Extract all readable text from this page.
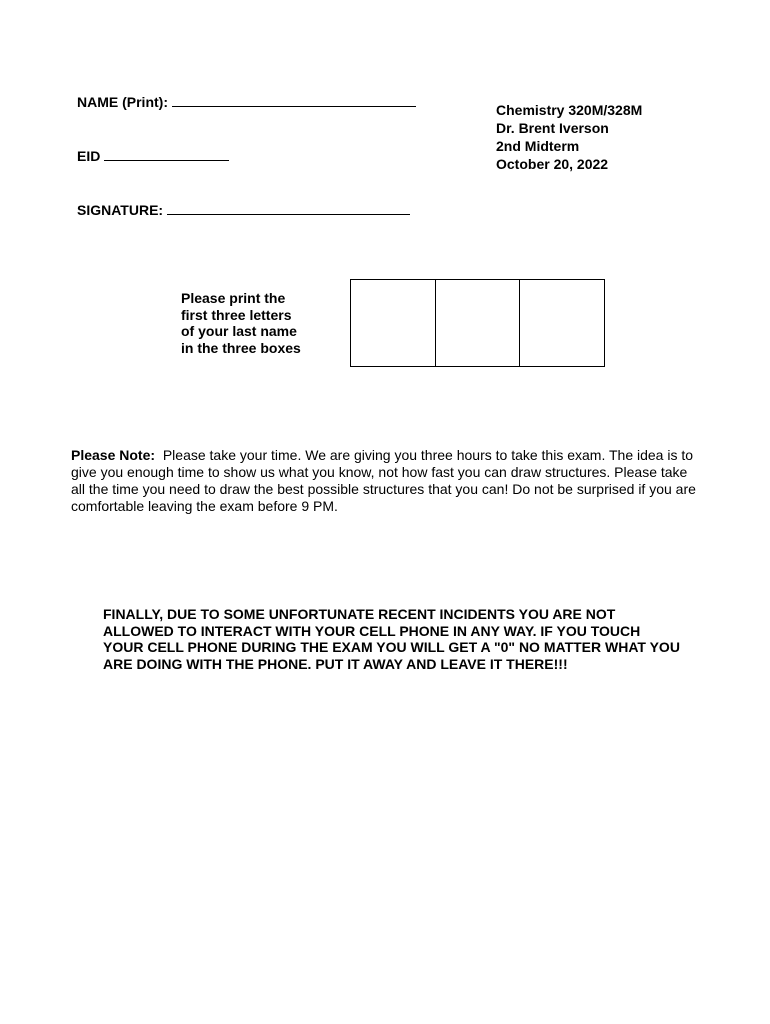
NAME (Print):
EID
SIGNATURE:
Chemistry 320M/328M
Dr. Brent Iverson
2nd Midterm
October 20, 2022
Please print the
first three letters
of your last name
in the three boxes
Please Note: Please take your time. We are giving you three hours to take this exam. The idea is to give you enough time to show us what you know, not how fast you can draw structures. Please take all the time you need to draw the best possible structures that you can! Do not be surprised if you are comfortable leaving the exam before 9 PM.
FINALLY, DUE TO SOME UNFORTUNATE RECENT INCIDENTS YOU ARE NOT ALLOWED TO INTERACT WITH YOUR CELL PHONE IN ANY WAY. IF YOU TOUCH YOUR CELL PHONE DURING THE EXAM YOU WILL GET A "0" NO MATTER WHAT YOU ARE DOING WITH THE PHONE. PUT IT AWAY AND LEAVE IT THERE!!!
